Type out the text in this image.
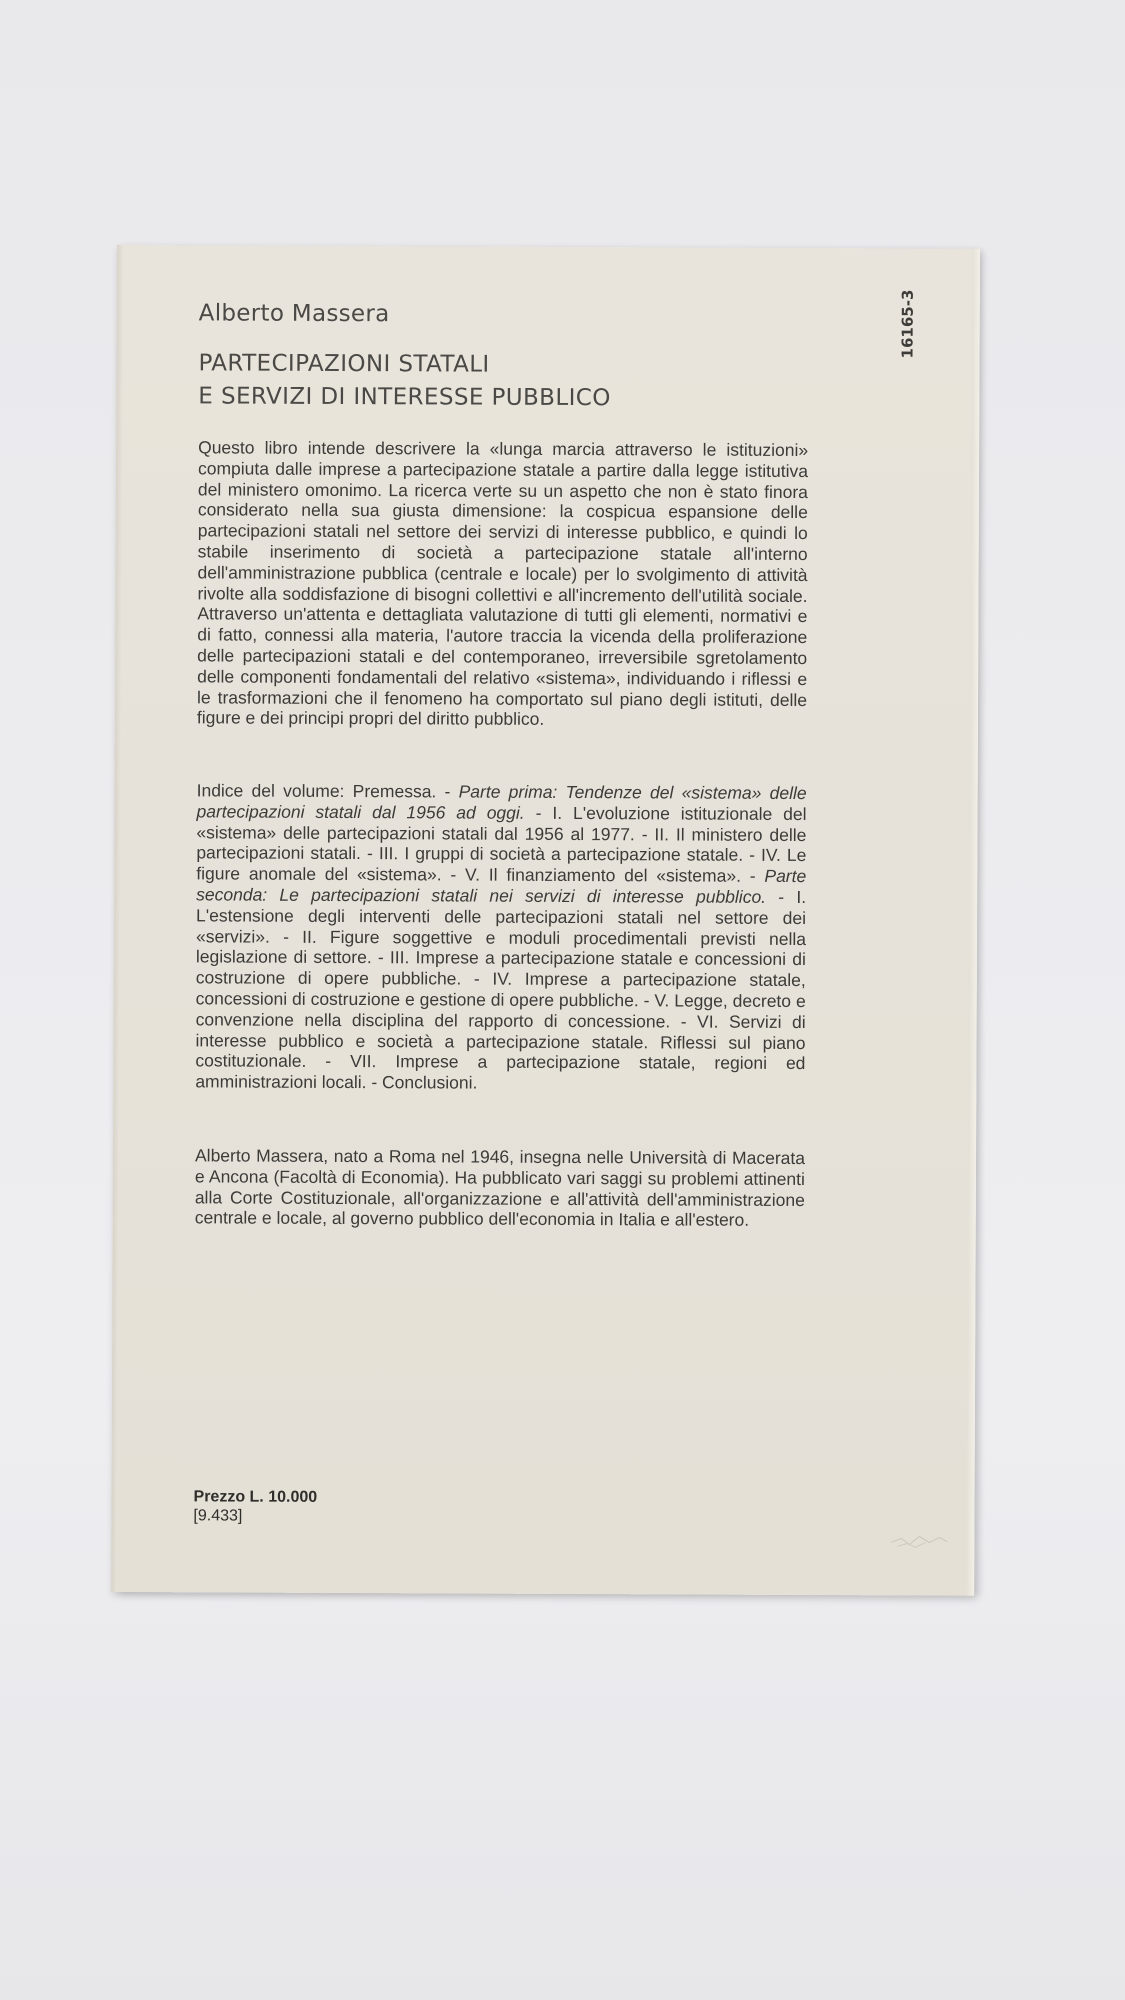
Alberto Massera
PARTECIPAZIONI STATALI
E SERVIZI DI INTERESSE PUBBLICO
16165-3
Questo libro intende descrivere la «lunga marcia attraverso le istituzioni» compiuta dalle imprese a partecipazione statale a partire dalla legge istitutiva del ministero omonimo. La ricerca verte su un aspetto che non è stato finora considerato nella sua giusta dimensione: la cospicua espansione delle partecipazioni statali nel settore dei servizi di interesse pubblico, e quindi lo stabile inserimento di società a partecipazione statale all'interno dell'amministrazione pubblica (centrale e locale) per lo svolgimento di attività rivolte alla soddisfazione di bisogni collettivi e all'incremento dell'utilità sociale. Attraverso un'attenta e dettagliata valutazione di tutti gli elementi, normativi e di fatto, connessi alla materia, l'autore traccia la vicenda della proliferazione delle partecipazioni statali e del contemporaneo, irreversibile sgretolamento delle componenti fondamentali del relativo «sistema», individuando i riflessi e le trasformazioni che il fenomeno ha comportato sul piano degli istituti, delle figure e dei principi propri del diritto pubblico.
Indice del volume: Premessa. - Parte prima: Tendenze del «sistema» delle partecipazioni statali dal 1956 ad oggi. - I. L'evoluzione istituzionale del «sistema» delle partecipazioni statali dal 1956 al 1977. - II. Il ministero delle partecipazioni statali. - III. I gruppi di società a partecipazione statale. - IV. Le figure anomale del «sistema». - V. Il finanziamento del «sistema». - Parte seconda: Le partecipazioni statali nei servizi di interesse pubblico. - I. L'estensione degli interventi delle partecipazioni statali nel settore dei «servizi». - II. Figure soggettive e moduli procedimentali previsti nella legislazione di settore. - III. Imprese a partecipazione statale e concessioni di costruzione di opere pubbliche. - IV. Imprese a partecipazione statale, concessioni di costruzione e gestione di opere pubbliche. - V. Legge, decreto e convenzione nella disciplina del rapporto di concessione. - VI. Servizi di interesse pubblico e società a partecipazione statale. Riflessi sul piano costituzionale. - VII. Imprese a partecipazione statale, regioni ed amministrazioni locali. - Conclusioni.
Alberto Massera, nato a Roma nel 1946, insegna nelle Università di Macerata e Ancona (Facoltà di Economia). Ha pubblicato vari saggi su problemi attinenti alla Corte Costituzionale, all'organizzazione e all'attività dell'amministrazione centrale e locale, al governo pubblico dell'economia in Italia e all'estero.
Prezzo L. 10.000
[9.433]
